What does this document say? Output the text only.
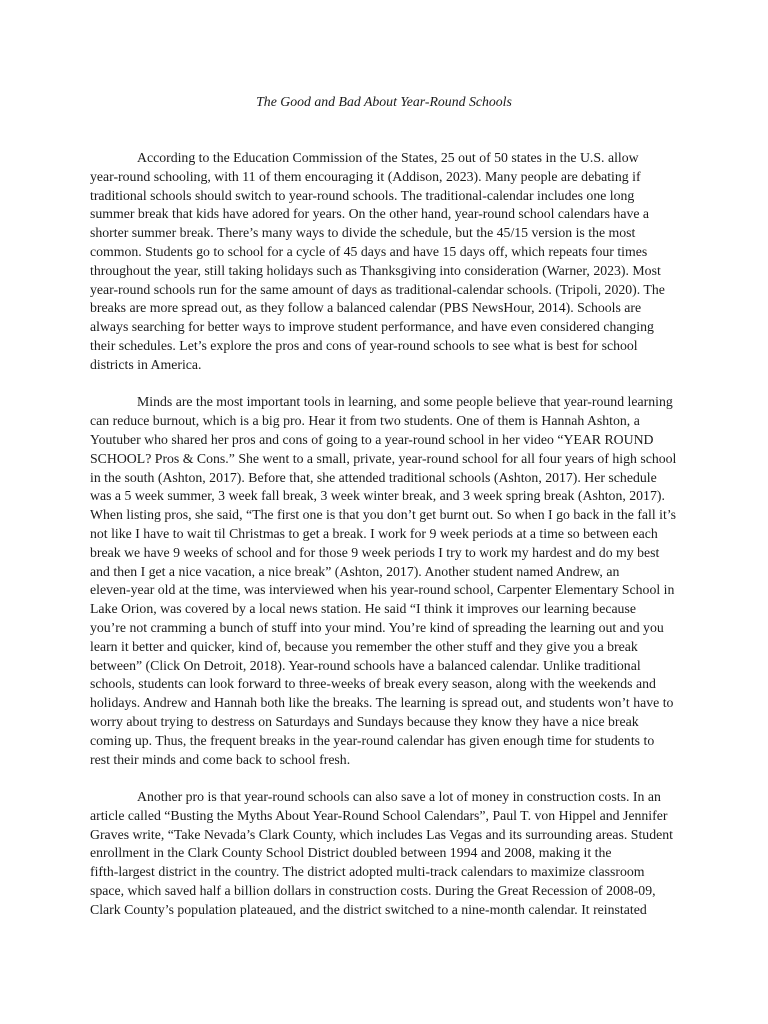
The Good and Bad About Year-Round Schools
According to the Education Commission of the States, 25 out of 50 states in the U.S. allow
year-round schooling, with 11 of them encouraging it (Addison, 2023). Many people are debating if
traditional schools should switch to year-round schools. The traditional-calendar includes one long
summer break that kids have adored for years. On the other hand, year-round school calendars have a
shorter summer break. There’s many ways to divide the schedule, but the 45/15 version is the most
common. Students go to school for a cycle of 45 days and have 15 days off, which repeats four times
throughout the year, still taking holidays such as Thanksgiving into consideration (Warner, 2023). Most
year-round schools run for the same amount of days as traditional-calendar schools. (Tripoli, 2020). The
breaks are more spread out, as they follow a balanced calendar (PBS NewsHour, 2014). Schools are
always searching for better ways to improve student performance, and have even considered changing
their schedules. Let’s explore the pros and cons of year-round schools to see what is best for school
districts in America.
Minds are the most important tools in learning, and some people believe that year-round learning
can reduce burnout, which is a big pro. Hear it from two students. One of them is Hannah Ashton, a
Youtuber who shared her pros and cons of going to a year-round school in her video “YEAR ROUND
SCHOOL? Pros & Cons.” She went to a small, private, year-round school for all four years of high school
in the south (Ashton, 2017). Before that, she attended traditional schools (Ashton, 2017). Her schedule
was a 5 week summer, 3 week fall break, 3 week winter break, and 3 week spring break (Ashton, 2017).
When listing pros, she said, “The first one is that you don’t get burnt out. So when I go back in the fall it’s
not like I have to wait til Christmas to get a break. I work for 9 week periods at a time so between each
break we have 9 weeks of school and for those 9 week periods I try to work my hardest and do my best
and then I get a nice vacation, a nice break” (Ashton, 2017). Another student named Andrew, an
eleven-year old at the time, was interviewed when his year-round school, Carpenter Elementary School in
Lake Orion, was covered by a local news station. He said “I think it improves our learning because
you’re not cramming a bunch of stuff into your mind. You’re kind of spreading the learning out and you
learn it better and quicker, kind of, because you remember the other stuff and they give you a break
between” (Click On Detroit, 2018). Year-round schools have a balanced calendar. Unlike traditional
schools, students can look forward to three-weeks of break every season, along with the weekends and
holidays. Andrew and Hannah both like the breaks. The learning is spread out, and students won’t have to
worry about trying to destress on Saturdays and Sundays because they know they have a nice break
coming up. Thus, the frequent breaks in the year-round calendar has given enough time for students to
rest their minds and come back to school fresh.
Another pro is that year-round schools can also save a lot of money in construction costs. In an
article called “Busting the Myths About Year-Round School Calendars”, Paul T. von Hippel and Jennifer
Graves write, “Take Nevada’s Clark County, which includes Las Vegas and its surrounding areas. Student
enrollment in the Clark County School District doubled between 1994 and 2008, making it the
fifth-largest district in the country. The district adopted multi-track calendars to maximize classroom
space, which saved half a billion dollars in construction costs. During the Great Recession of 2008-09,
Clark County’s population plateaued, and the district switched to a nine-month calendar. It reinstated
